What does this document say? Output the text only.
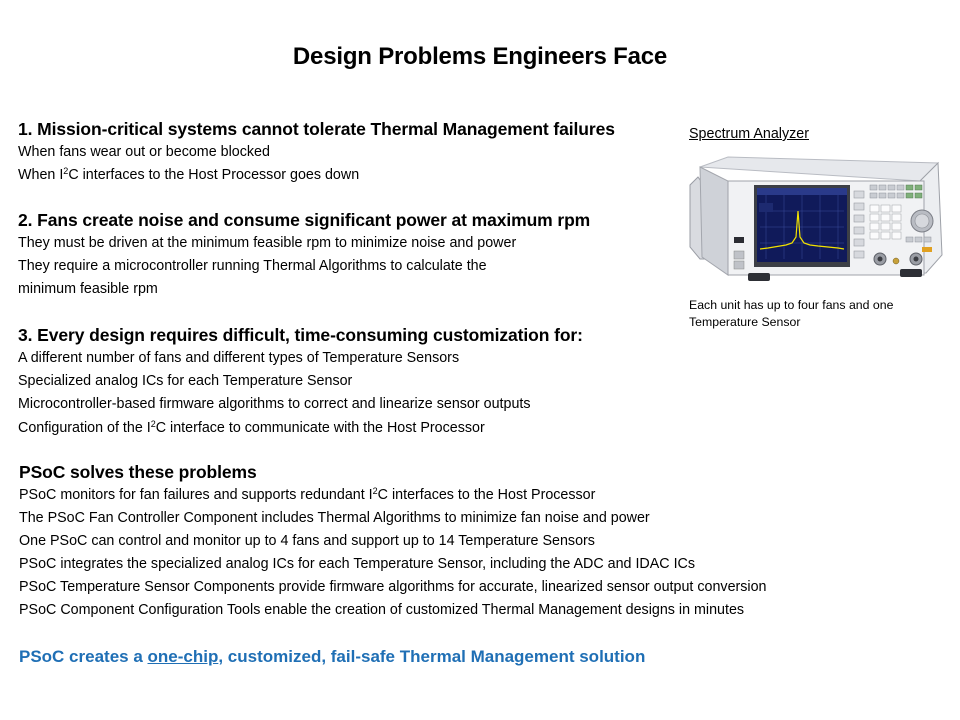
Design Problems Engineers Face
1. Mission-critical systems cannot tolerate Thermal Management failures
When fans wear out or become blocked
When $I^2C$ interfaces to the Host Processor goes down
2. Fans create noise and consume significant power at maximum rpm
They must be driven at the minimum feasible rpm to minimize noise and power
They require a microcontroller running Thermal Algorithms to calculate the
minimum feasible rpm
3. Every design requires difficult, time-consuming customization for:
A different number of fans and different types of Temperature Sensors
Specialized analog ICs for each Temperature Sensor
Microcontroller-based firmware algorithms to correct and linearize sensor outputs
Configuration of the $I^2C$ interface to communicate with the Host Processor
PSoC solves these problems
PSoC monitors for fan failures and supports redundant $I^2C$ interfaces to the Host Processor
The PSoC Fan Controller Component includes Thermal Algorithms to minimize fan noise and power
One PSoC can control and monitor up to 4 fans and support up to 14 Temperature Sensors
PSoC integrates the specialized analog ICs for each Temperature Sensor, including the ADC and IDAC ICs
PSoC Temperature Sensor Components provide firmware algorithms for accurate, linearized sensor output conversion
PSoC Component Configuration Tools enable the creation of customized Thermal Management designs in minutes
PSoC creates a one-chip, customized, fail-safe Thermal Management solution
Spectrum Analyzer
Each unit has up to four fans and one Temperature Sensor
